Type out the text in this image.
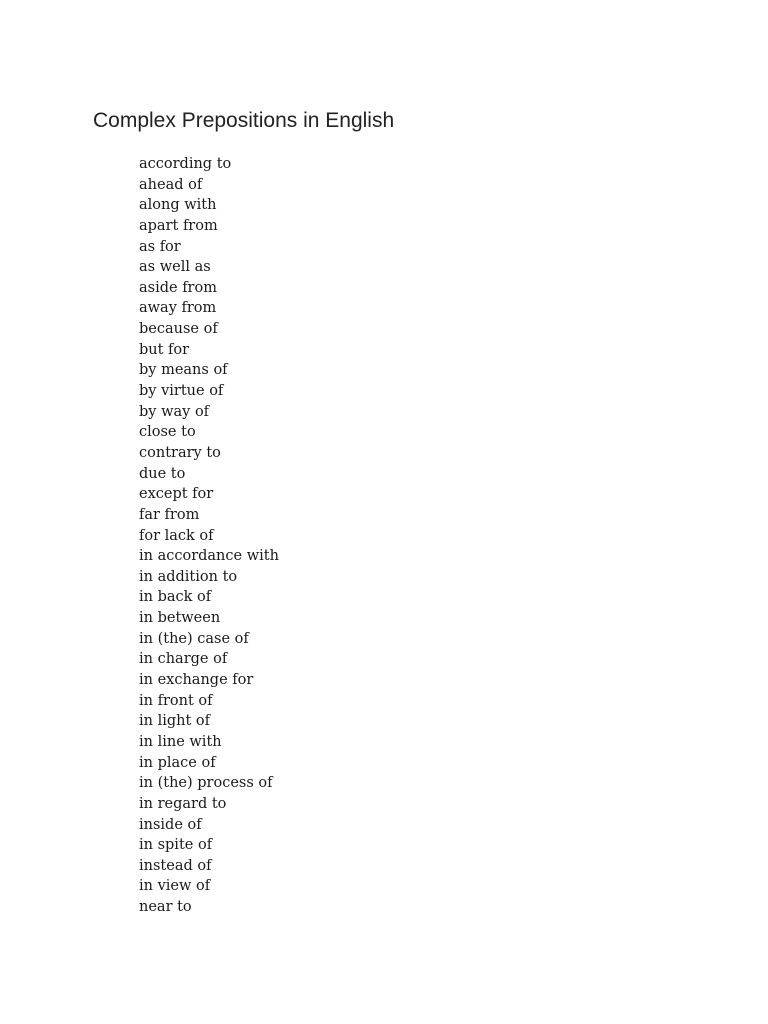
Complex Prepositions in English
according to
ahead of
along with
apart from
as for
as well as
aside from
away from
because of
but for
by means of
by virtue of
by way of
close to
contrary to
due to
except for
far from
for lack of
in accordance with
in addition to
in back of
in between
in (the) case of
in charge of
in exchange for
in front of
in light of
in line with
in place of
in (the) process of
in regard to
inside of
in spite of
instead of
in view of
near to
